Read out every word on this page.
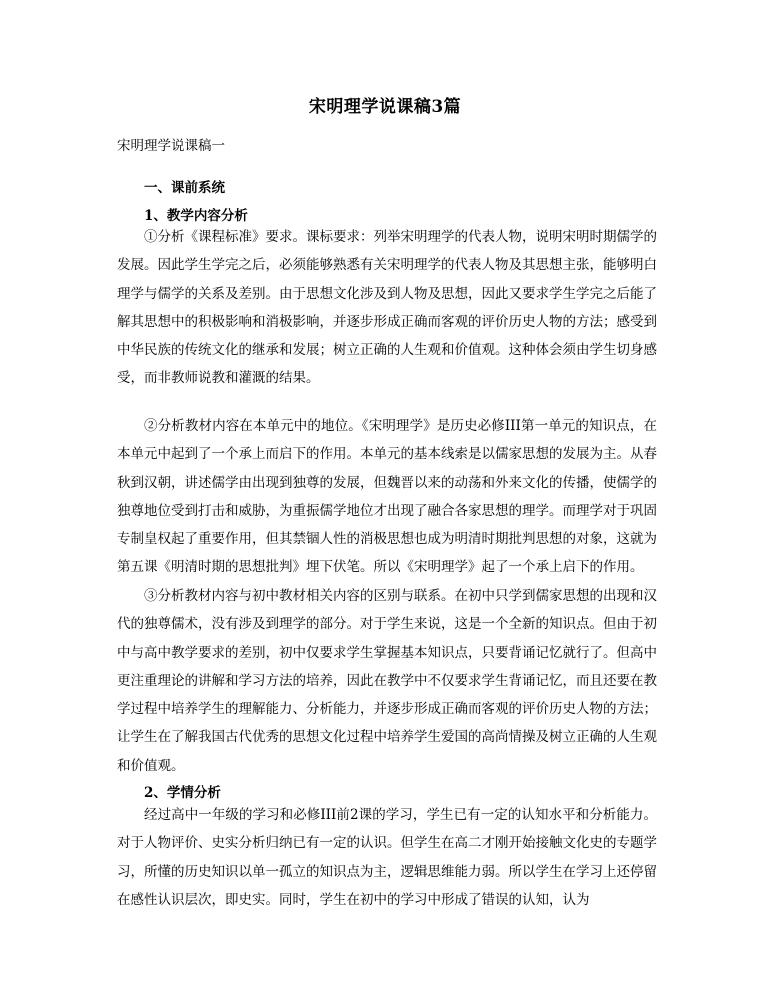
宋明理学说课稿3篇
宋明理学说课稿一
一、课前系统
1、教学内容分析
①分析《课程标准》要求。课标要求：列举宋明理学的代表人物，说明宋明时期儒学的发展。因此学生学完之后，必须能够熟悉有关宋明理学的代表人物及其思想主张，能够明白理学与儒学的关系及差别。由于思想文化涉及到人物及思想，因此又要求学生学完之后能了解其思想中的积极影响和消极影响，并逐步形成正确而客观的评价历史人物的方法；感受到中华民族的传统文化的继承和发展；树立正确的人生观和价值观。这种体会须由学生切身感受，而非教师说教和灌溉的结果。
②分析教材内容在本单元中的地位。《宋明理学》是历史必修III第一单元的知识点，在本单元中起到了一个承上而启下的作用。本单元的基本线索是以儒家思想的发展为主。从春秋到汉朝，讲述儒学由出现到独尊的发展，但魏晋以来的动荡和外来文化的传播，使儒学的独尊地位受到打击和威胁，为重振儒学地位才出现了融合各家思想的理学。而理学对于巩固专制皇权起了重要作用，但其禁锢人性的消极思想也成为明清时期批判思想的对象，这就为第五课《明清时期的思想批判》埋下伏笔。所以《宋明理学》起了一个承上启下的作用。
③分析教材内容与初中教材相关内容的区别与联系。在初中只学到儒家思想的出现和汉代的独尊儒术，没有涉及到理学的部分。对于学生来说，这是一个全新的知识点。但由于初中与高中教学要求的差别，初中仅要求学生掌握基本知识点，只要背诵记忆就行了。但高中更注重理论的讲解和学习方法的培养，因此在教学中不仅要求学生背诵记忆，而且还要在教学过程中培养学生的理解能力、分析能力，并逐步形成正确而客观的评价历史人物的方法；让学生在了解我国古代优秀的思想文化过程中培养学生爱国的高尚情操及树立正确的人生观和价值观。
2、学情分析
经过高中一年级的学习和必修III前2课的学习，学生已有一定的认知水平和分析能力。对于人物评价、史实分析归纳已有一定的认识。但学生在高二才刚开始接触文化史的专题学习，所懂的历史知识以单一孤立的知识点为主，逻辑思维能力弱。所以学生在学习上还停留在感性认识层次，即史实。同时，学生在初中的学习中形成了错误的认知，认为
